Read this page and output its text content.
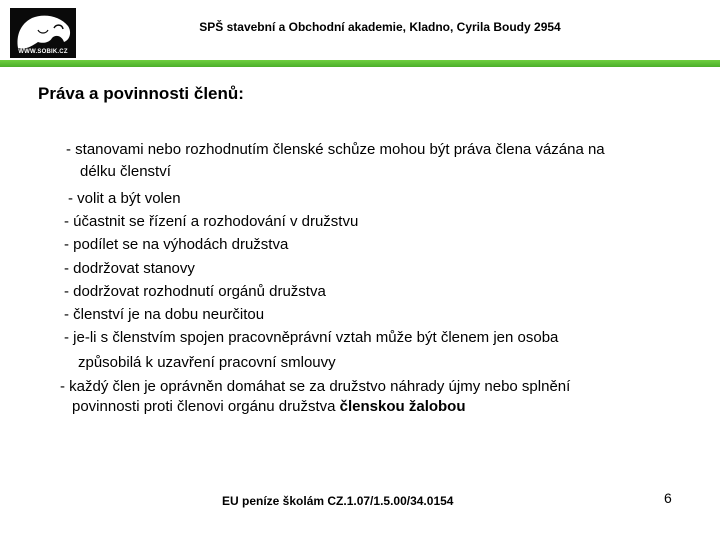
WWW.SOBIK.CZ
SPŠ stavební a Obchodní akademie, Kladno, Cyrila Boudy 2954
Práva a povinnosti členů:
- stanovami nebo rozhodnutím členské schůze mohou být práva člena vázána na
délku členství
- volit a být volen
- účastnit se řízení a rozhodování v družstvu
- podílet se na výhodách družstva
- dodržovat stanovy
- dodržovat rozhodnutí orgánů družstva
- členství je na dobu neurčitou
- je-li s členstvím spojen pracovněprávní vztah může být členem jen osoba
způsobilá k uzavření pracovní smlouvy
- každý člen je oprávněn domáhat se za družstvo náhrady újmy nebo splnění
povinnosti proti členovi orgánu družstva členskou žalobou
EU peníze školám CZ.1.07/1.5.00/34.0154	6
